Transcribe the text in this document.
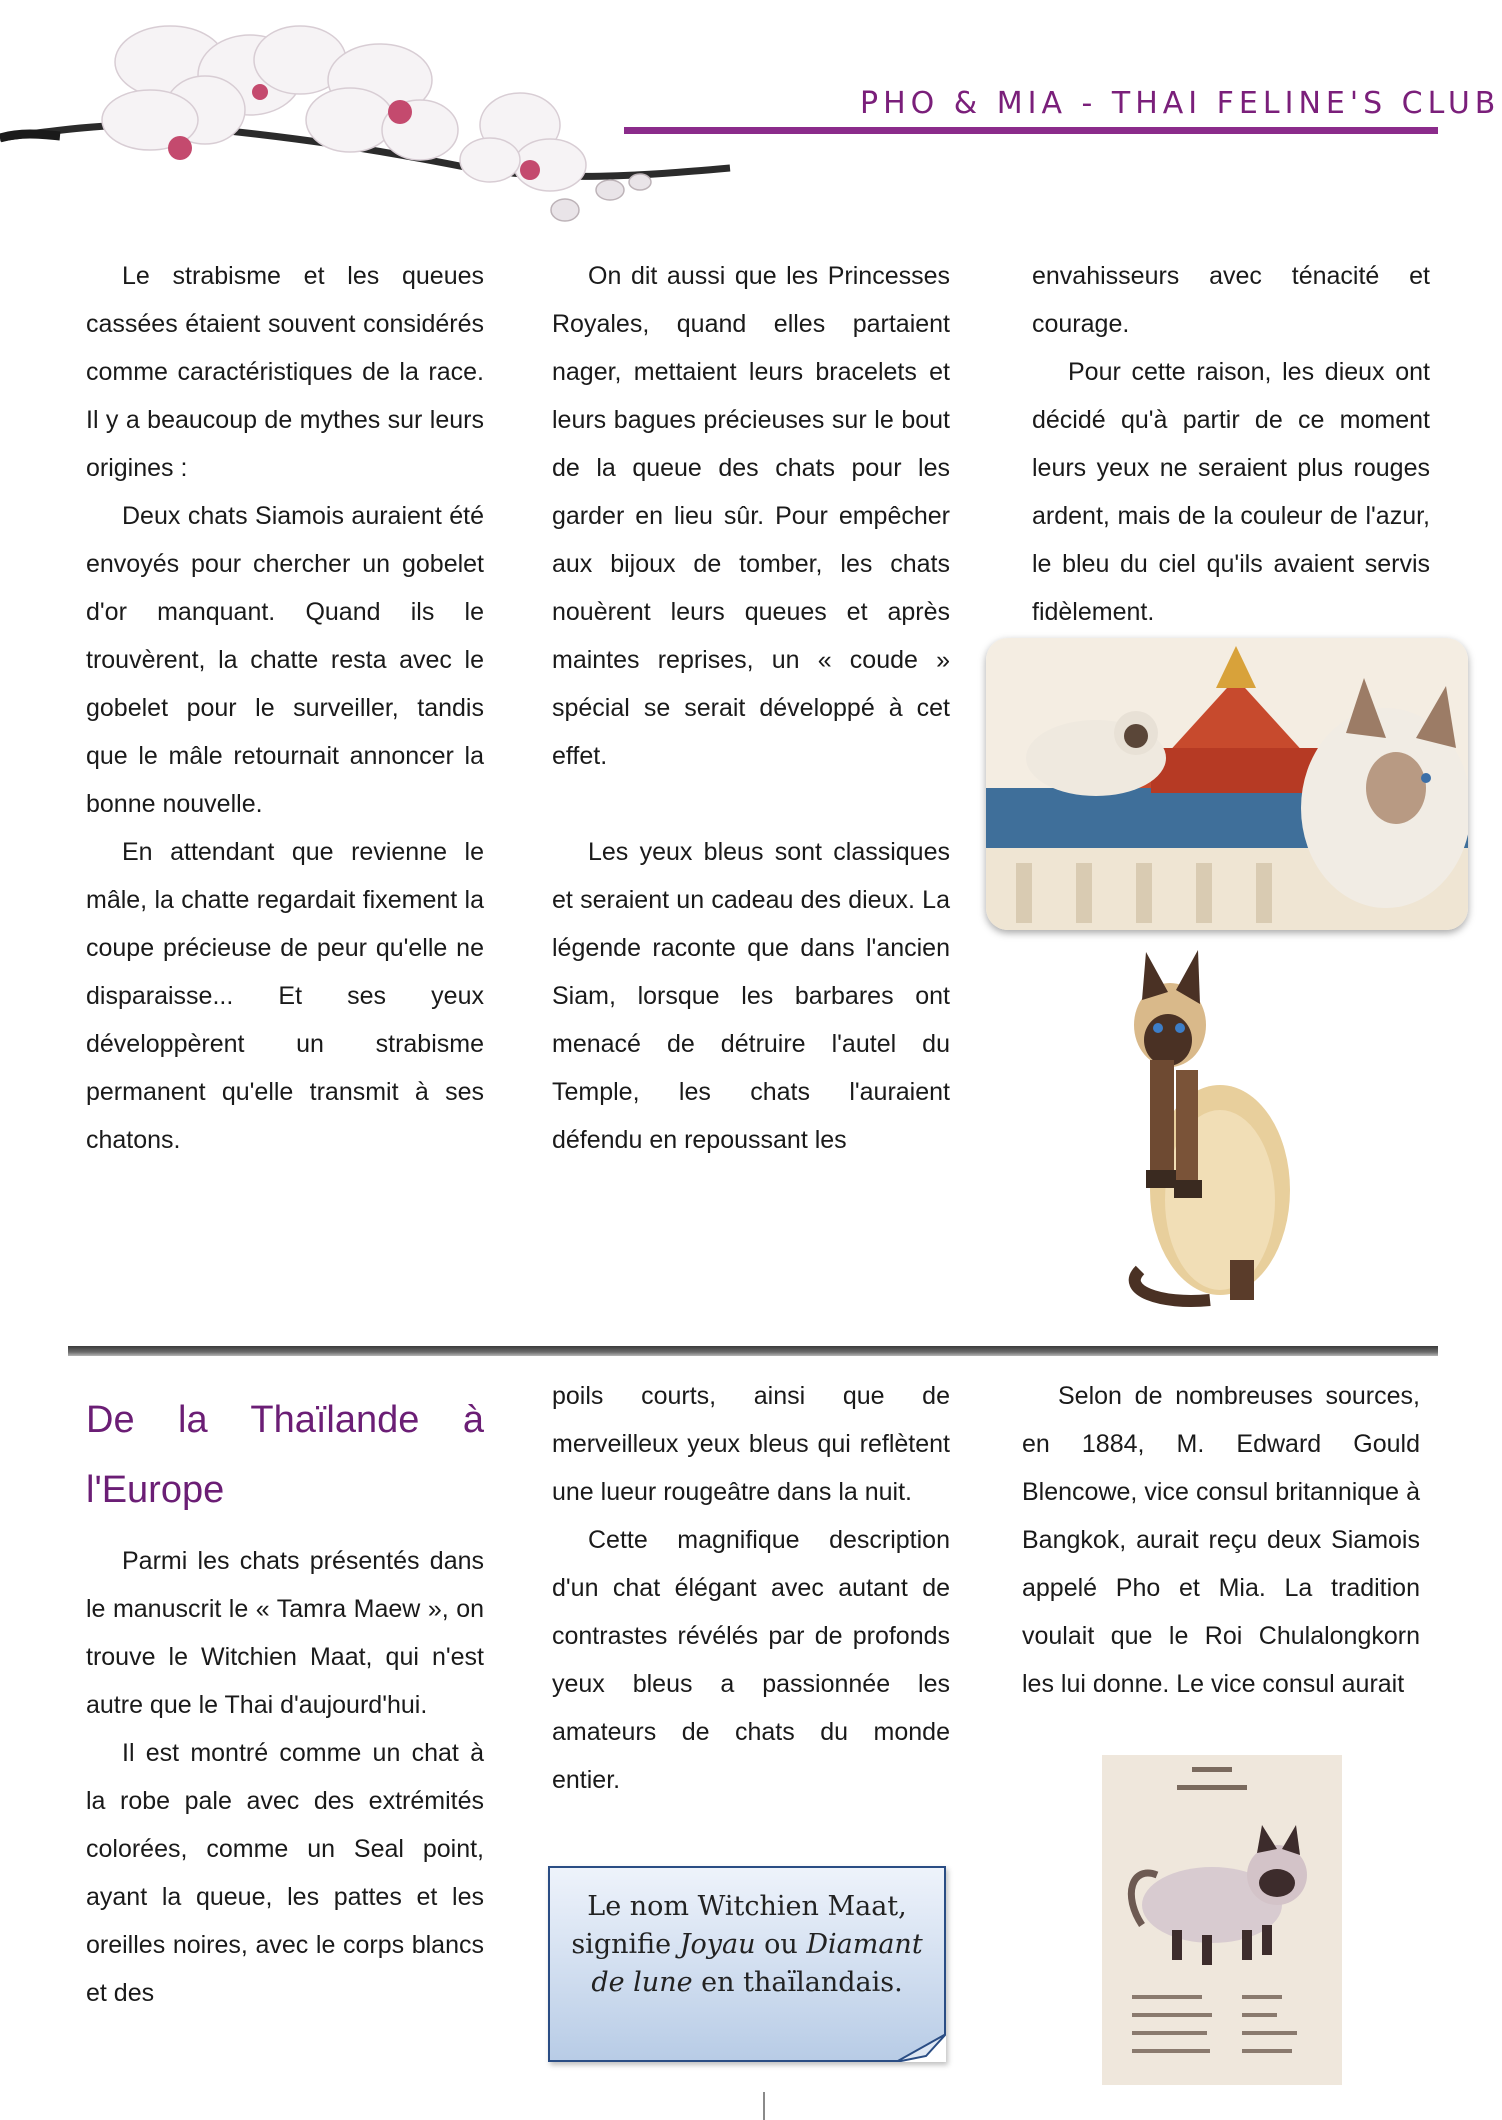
PHO & MIA - THAI FELINE'S CLUB

Le strabisme et les queues cassées étaient souvent considérés comme caractéristiques de la race. Il y a beaucoup de mythes sur leurs origines :

Deux chats Siamois auraient été envoyés pour chercher un gobelet d'or manquant. Quand ils le trouvèrent, la chatte resta avec le gobelet pour le surveiller, tandis que le mâle retournait annoncer la bonne nouvelle.

En attendant que revienne le mâle, la chatte regardait fixement la coupe précieuse de peur qu'elle ne disparaisse... Et ses yeux développèrent un strabisme permanent qu'elle transmit à ses chatons.

On dit aussi que les Princesses Royales, quand elles partaient nager, mettaient leurs bracelets et leurs bagues précieuses sur le bout de la queue des chats pour les garder en lieu sûr. Pour empêcher aux bijoux de tomber, les chats nouèrent leurs queues et après maintes reprises, un « coude » spécial se serait développé à cet effet.

Les yeux bleus sont classiques et seraient un cadeau des dieux. La légende raconte que dans l'ancien Siam, lorsque les barbares ont menacé de détruire l'autel du Temple, les chats l'auraient défendu en repoussant les

envahisseurs avec ténacité et courage.

Pour cette raison, les dieux ont décidé qu'à partir de ce moment leurs yeux ne seraient plus rouges ardent, mais de la couleur de l'azur, le bleu du ciel qu'ils avaient servis fidèlement.

De la Thaïlande à l'Europe

Parmi les chats présentés dans le manuscrit le « Tamra Maew », on trouve le Witchien Maat, qui n'est autre que le Thai d'aujourd'hui.

Il est montré comme un chat à la robe pale avec des extrémités colorées, comme un Seal point, ayant la queue, les pattes et les oreilles noires, avec le corps blancs et des

poils courts, ainsi que de merveilleux yeux bleus qui reflètent une lueur rougeâtre dans la nuit.

Cette magnifique description d'un chat élégant avec autant de contrastes révélés par de profonds yeux bleus a passionnée les amateurs de chats du monde entier.

Selon de nombreuses sources, en 1884, M. Edward Gould Blencowe, vice consul britannique à Bangkok, aurait reçu deux Siamois appelé Pho et Mia. La tradition voulait que le Roi Chulalongkorn les lui donne. Le vice consul aurait

Le nom Witchien Maat, signifie Joyau ou Diamant de lune en thaïlandais.
